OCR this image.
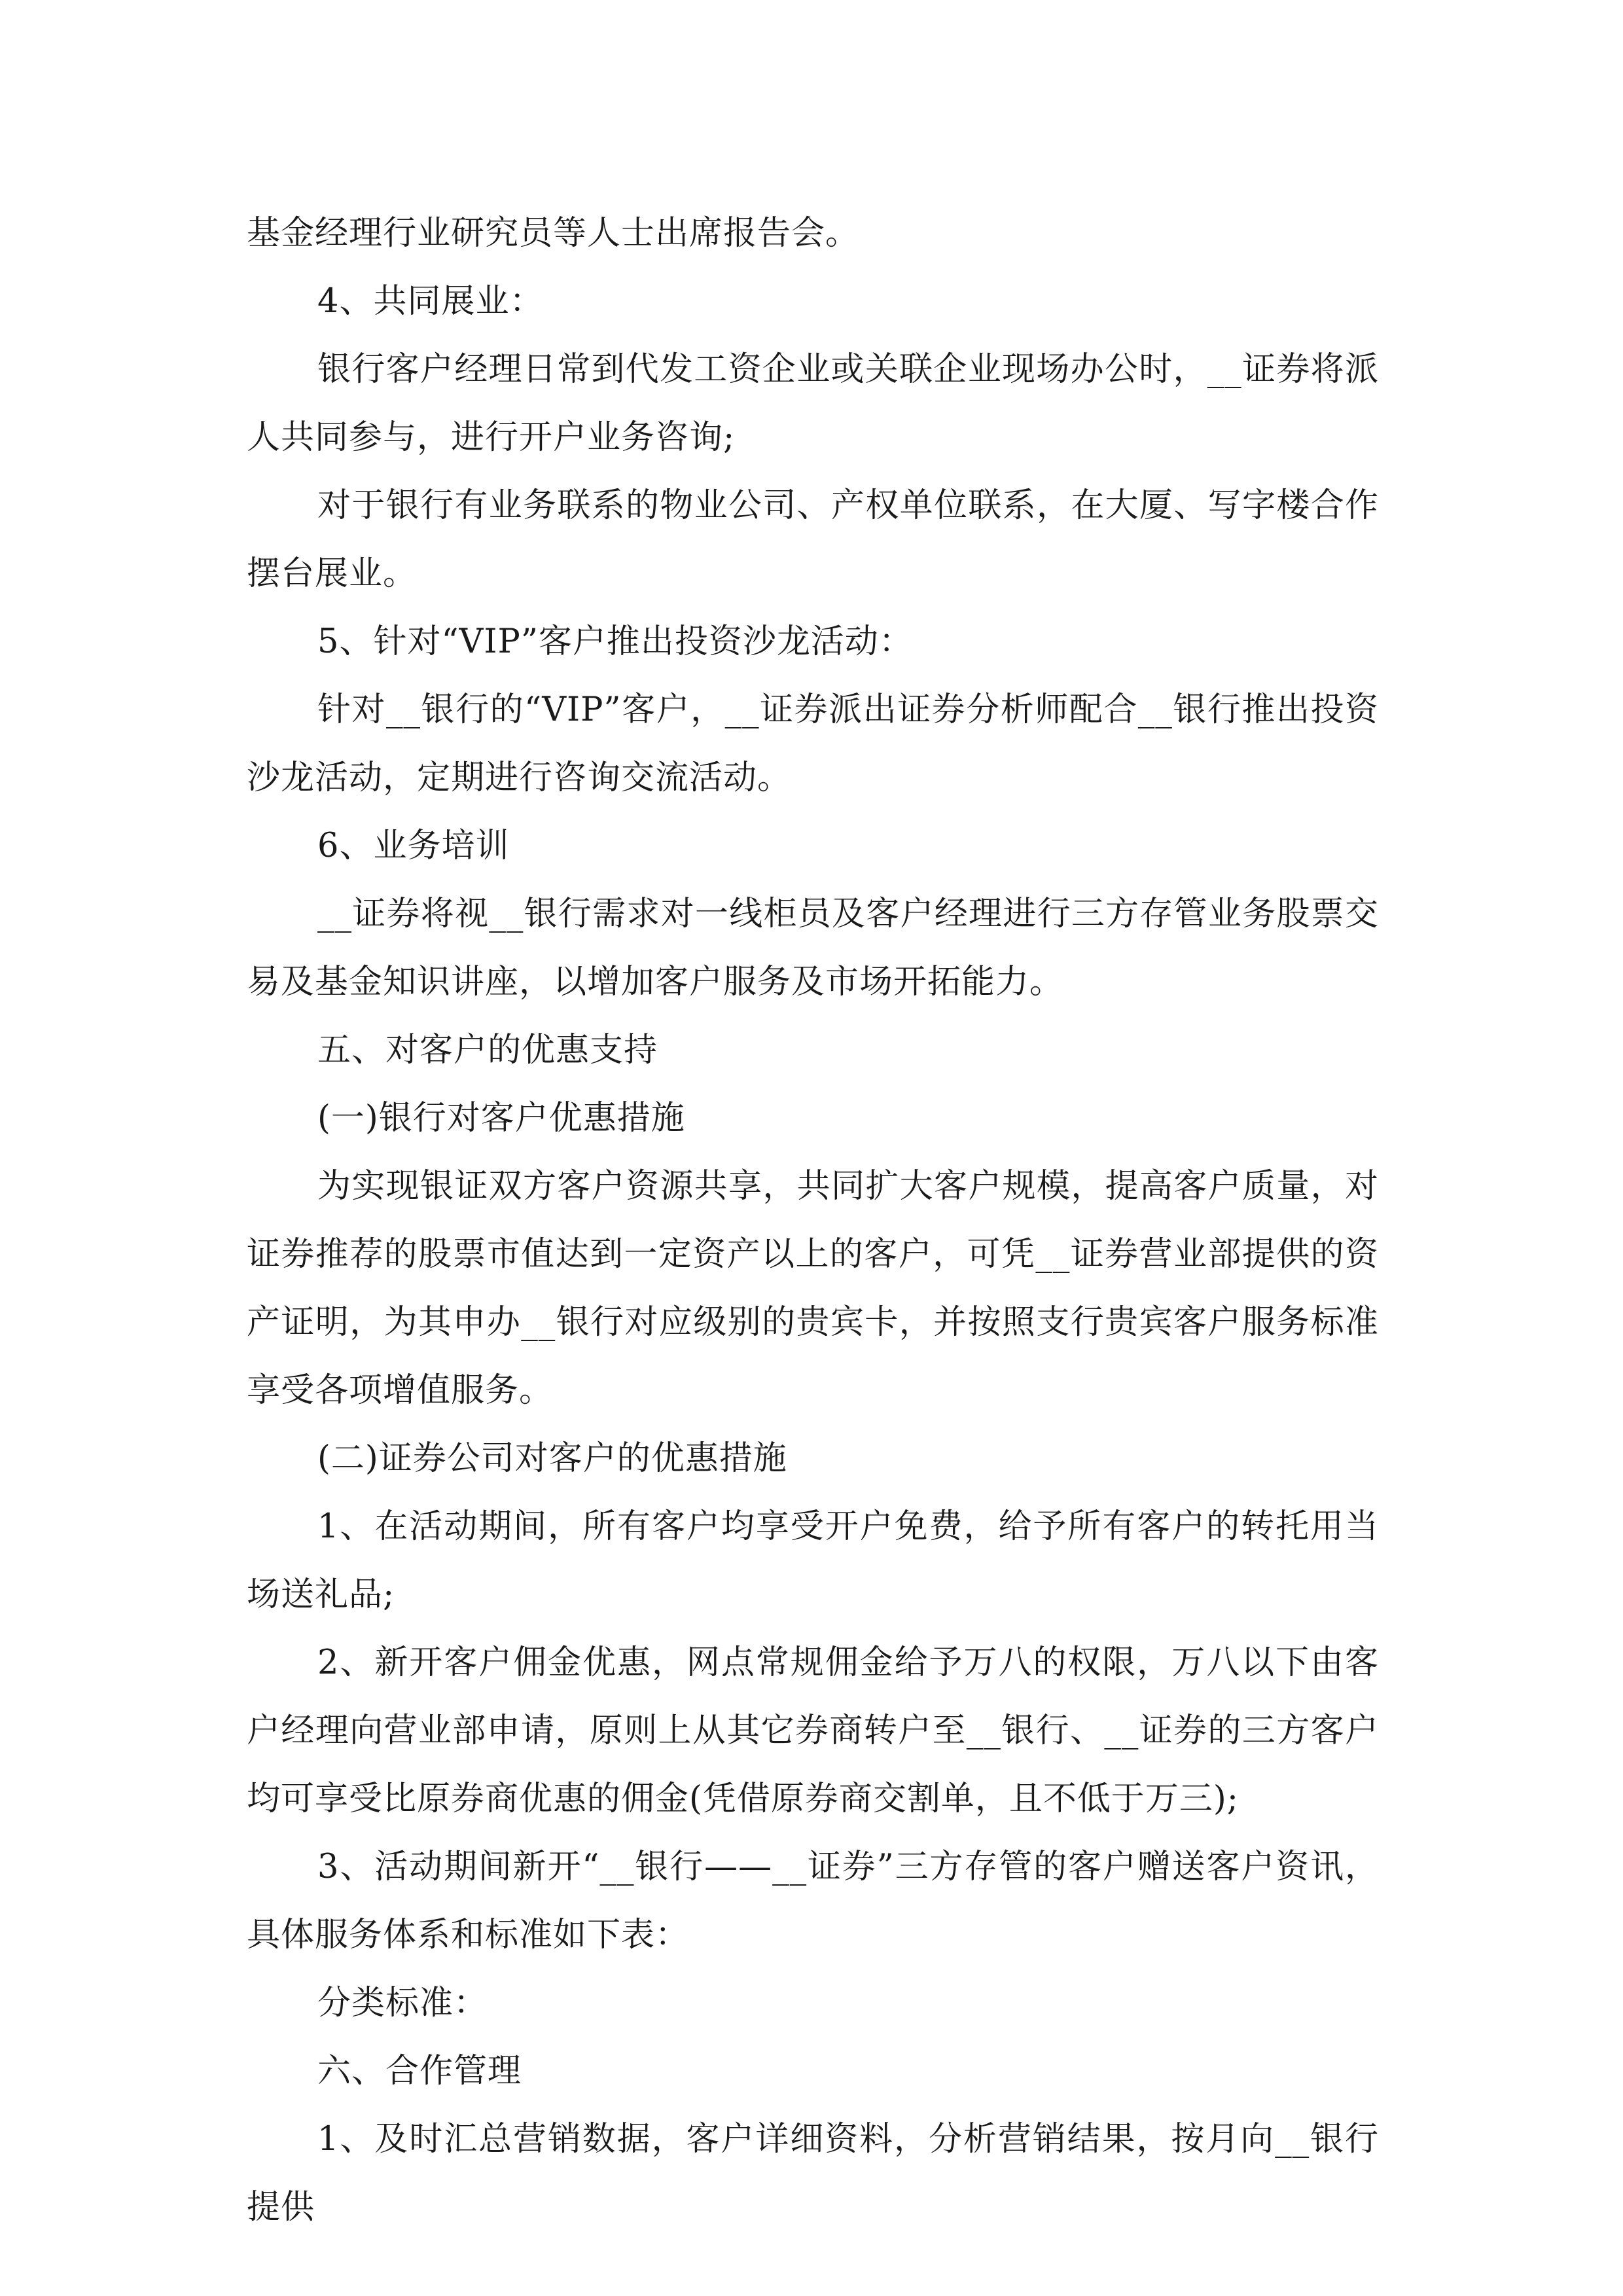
基金经理行业研究员等人士出席报告会。

4、共同展业：

银行客户经理日常到代发工资企业或关联企业现场办公时，__证券将派人共同参与，进行开户业务咨询;

对于银行有业务联系的物业公司、产权单位联系，在大厦、写字楼合作摆台展业。

5、针对“VIP”客户推出投资沙龙活动：

针对__银行的“VIP”客户，__证券派出证券分析师配合__银行推出投资沙龙活动，定期进行咨询交流活动。

6、业务培训

__证券将视__银行需求对一线柜员及客户经理进行三方存管业务股票交易及基金知识讲座，以增加客户服务及市场开拓能力。

五、对客户的优惠支持

(一)银行对客户优惠措施

为实现银证双方客户资源共享，共同扩大客户规模，提高客户质量，对证券推荐的股票市值达到一定资产以上的客户，可凭__证券营业部提供的资产证明，为其申办__银行对应级别的贵宾卡，并按照支行贵宾客户服务标准享受各项增值服务。

(二)证券公司对客户的优惠措施

1、在活动期间，所有客户均享受开户免费，给予所有客户的转托用当场送礼品;

2、新开客户佣金优惠，网点常规佣金给予万八的权限，万八以下由客户经理向营业部申请，原则上从其它券商转户至__银行、__证券的三方客户均可享受比原券商优惠的佣金(凭借原券商交割单，且不低于万三);

3、活动期间新开“__银行——__证券”三方存管的客户赠送客户资讯，具体服务体系和标准如下表：

分类标准：

六、合作管理

1、及时汇总营销数据，客户详细资料，分析营销结果，按月向__银行提供
